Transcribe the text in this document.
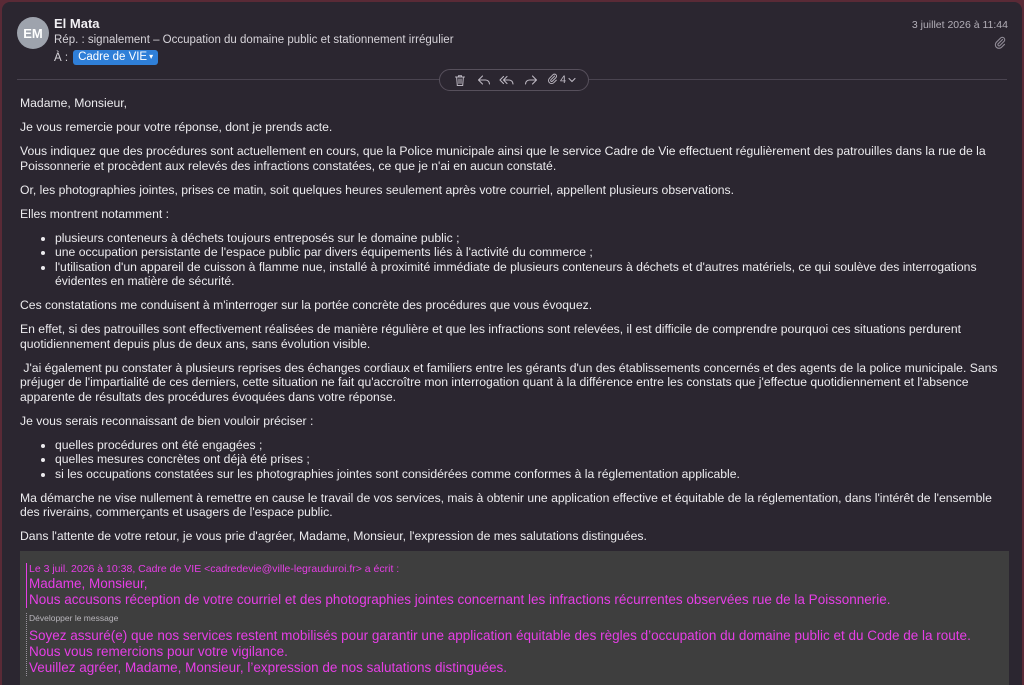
EM
El Mata
Rép. : signalement – Occupation du domaine public et stationnement irrégulier
À : Cadre de VIE ▾
3 juillet 2026 à 11:44
4

Madame, Monsieur,

Je vous remercie pour votre réponse, dont je prends acte.

Vous indiquez que des procédures sont actuellement en cours, que la Police municipale ainsi que le service Cadre de Vie effectuent régulièrement des patrouilles dans la rue de la Poissonnerie et procèdent aux relevés des infractions constatées, ce que je n'ai en aucun constaté.

Or, les photographies jointes, prises ce matin, soit quelques heures seulement après votre courriel, appellent plusieurs observations.

Elles montrent notamment :

• plusieurs conteneurs à déchets toujours entreposés sur le domaine public ;
• une occupation persistante de l'espace public par divers équipements liés à l'activité du commerce ;
• l'utilisation d'un appareil de cuisson à flamme nue, installé à proximité immédiate de plusieurs conteneurs à déchets et d'autres matériels, ce qui soulève des interrogations évidentes en matière de sécurité.

Ces constatations me conduisent à m'interroger sur la portée concrète des procédures que vous évoquez.

En effet, si des patrouilles sont effectivement réalisées de manière régulière et que les infractions sont relevées, il est difficile de comprendre pourquoi ces situations perdurent quotidiennement depuis plus de deux ans, sans évolution visible.

J'ai également pu constater à plusieurs reprises des échanges cordiaux et familiers entre les gérants d'un des établissements concernés et des agents de la police municipale. Sans préjuger de l'impartialité de ces derniers, cette situation ne fait qu'accroître mon interrogation quant à la différence entre les constats que j'effectue quotidiennement et l'absence apparente de résultats des procédures évoquées dans votre réponse.

Je vous serais reconnaissant de bien vouloir préciser :

• quelles procédures ont été engagées ;
• quelles mesures concrètes ont déjà été prises ;
• si les occupations constatées sur les photographies jointes sont considérées comme conformes à la réglementation applicable.

Ma démarche ne vise nullement à remettre en cause le travail de vos services, mais à obtenir une application effective et équitable de la réglementation, dans l'intérêt de l'ensemble des riverains, commerçants et usagers de l'espace public.

Dans l'attente de votre retour, je vous prie d'agréer, Madame, Monsieur, l'expression de mes salutations distinguées.

Le 3 juil. 2026 à 10:38, Cadre de VIE <cadredevie@ville-legrauduroi.fr> a écrit :
Madame, Monsieur,
Nous accusons réception de votre courriel et des photographies jointes concernant les infractions récurrentes observées rue de la Poissonnerie.
Développer le message
Soyez assuré(e) que nos services restent mobilisés pour garantir une application équitable des règles d’occupation du domaine public et du Code de la route.
Nous vous remercions pour votre vigilance.
Veuillez agréer, Madame, Monsieur, l’expression de nos salutations distinguées.
